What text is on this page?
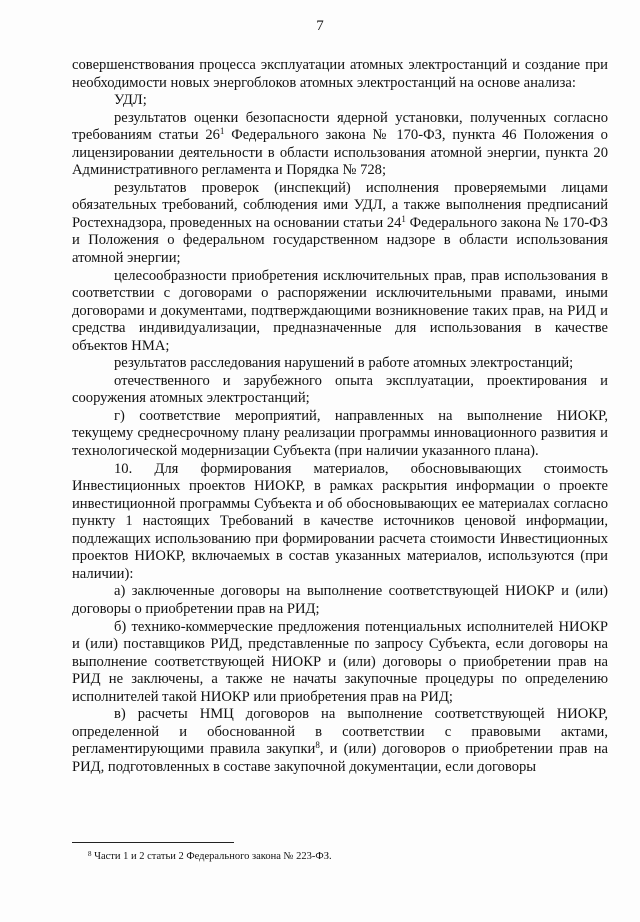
7

совершенствования процесса эксплуатации атомных электростанций и создание при необходимости новых энергоблоков атомных электростанций на основе анализа:

УДЛ;

результатов оценки безопасности ядерной установки, полученных согласно требованиям статьи $26^1$ Федерального закона № 170-ФЗ, пункта 46 Положения о лицензировании деятельности в области использования атомной энергии, пункта 20 Административного регламента и Порядка № 728;

результатов проверок (инспекций) исполнения проверяемыми лицами обязательных требований, соблюдения ими УДЛ, а также выполнения предписаний Ростехнадзора, проведенных на основании статьи $24^1$ Федерального закона № 170-ФЗ и Положения о федеральном государственном надзоре в области использования атомной энергии;

целесообразности приобретения исключительных прав, прав использования в соответствии с договорами о распоряжении исключительными правами, иными договорами и документами, подтверждающими возникновение таких прав, на РИД и средства индивидуализации, предназначенные для использования в качестве объектов НМА;

результатов расследования нарушений в работе атомных электростанций;

отечественного и зарубежного опыта эксплуатации, проектирования и сооружения атомных электростанций;

г) соответствие мероприятий, направленных на выполнение НИОКР, текущему среднесрочному плану реализации программы инновационного развития и технологической модернизации Субъекта (при наличии указанного плана).

10. Для формирования материалов, обосновывающих стоимость Инвестиционных проектов НИОКР, в рамках раскрытия информации о проекте инвестиционной программы Субъекта и об обосновывающих ее материалах согласно пункту 1 настоящих Требований в качестве источников ценовой информации, подлежащих использованию при формировании расчета стоимости Инвестиционных проектов НИОКР, включаемых в состав указанных материалов, используются (при наличии):

а) заключенные договоры на выполнение соответствующей НИОКР и (или) договоры о приобретении прав на РИД;

б) технико-коммерческие предложения потенциальных исполнителей НИОКР и (или) поставщиков РИД, представленные по запросу Субъекта, если договоры на выполнение соответствующей НИОКР и (или) договоры о приобретении прав на РИД не заключены, а также не начаты закупочные процедуры по определению исполнителей такой НИОКР или приобретения прав на РИД;

в) расчеты НМЦ договоров на выполнение соответствующей НИОКР, определенной и обоснованной в соответствии с правовыми актами, регламентирующими правила закупки$^8$, и (или) договоров о приобретении прав на РИД, подготовленных в составе закупочной документации, если договоры

$^8$ Части 1 и 2 статьи 2 Федерального закона № 223-ФЗ.
